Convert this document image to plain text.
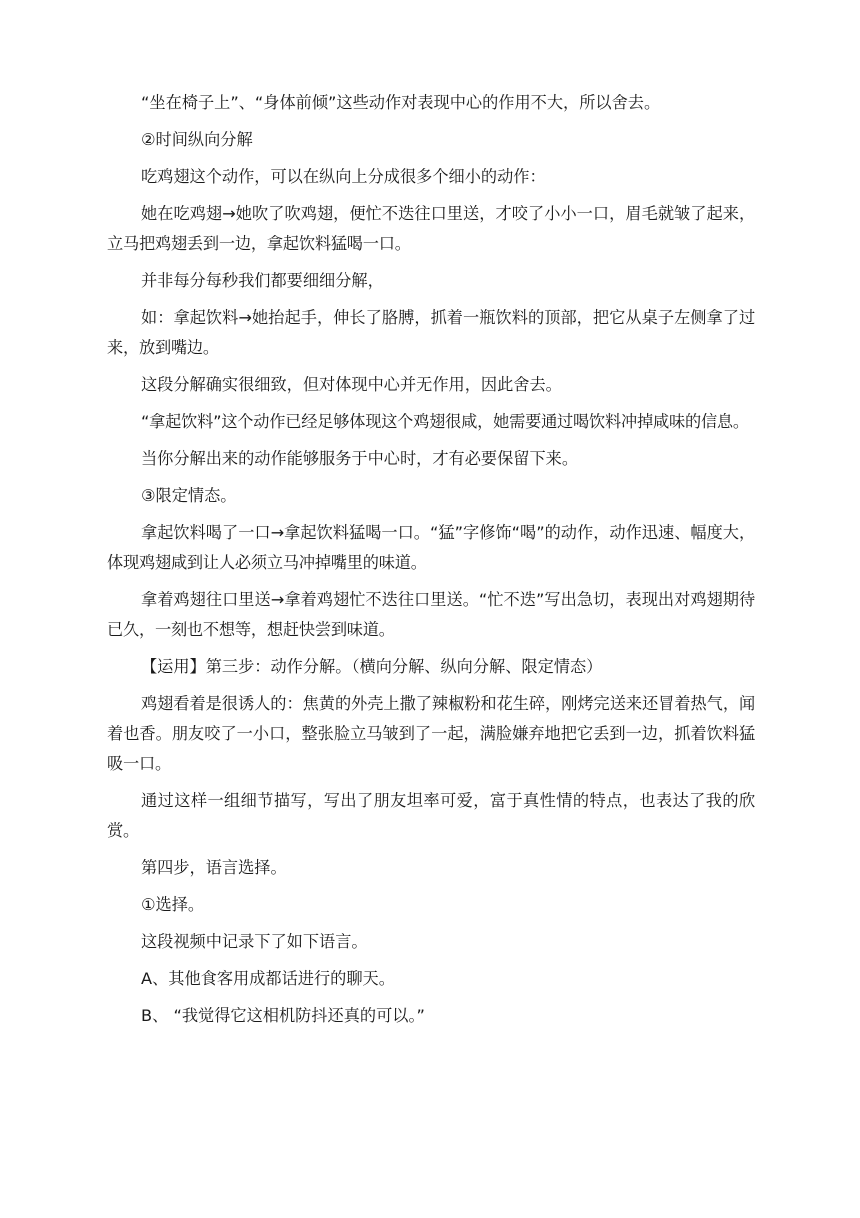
“坐在椅子上”、“身体前倾”这些动作对表现中心的作用不大，所以舍去。

②时间纵向分解

吃鸡翅这个动作，可以在纵向上分成很多个细小的动作：

她在吃鸡翅→她吹了吹鸡翅，便忙不迭往口里送，才咬了小小一口，眉毛就皱了起来，立马把鸡翅丢到一边，拿起饮料猛喝一口。

并非每分每秒我们都要细细分解，

如：拿起饮料→她抬起手，伸长了胳膊，抓着一瓶饮料的顶部，把它从桌子左侧拿了过来，放到嘴边。

这段分解确实很细致，但对体现中心并无作用，因此舍去。

“拿起饮料”这个动作已经足够体现这个鸡翅很咸，她需要通过喝饮料冲掉咸味的信息。

当你分解出来的动作能够服务于中心时，才有必要保留下来。

③限定情态。

拿起饮料喝了一口→拿起饮料猛喝一口。“猛”字修饰“喝”的动作，动作迅速、幅度大，体现鸡翅咸到让人必须立马冲掉嘴里的味道。

拿着鸡翅往口里送→拿着鸡翅忙不迭往口里送。“忙不迭”写出急切，表现出对鸡翅期待已久，一刻也不想等，想赶快尝到味道。

【运用】第三步：动作分解。（横向分解、纵向分解、限定情态）

鸡翅看着是很诱人的：焦黄的外壳上撒了辣椒粉和花生碎，刚烤完送来还冒着热气，闻着也香。朋友咬了一小口，整张脸立马皱到了一起，满脸嫌弃地把它丢到一边，抓着饮料猛吸一口。

通过这样一组细节描写，写出了朋友坦率可爱，富于真性情的特点，也表达了我的欣赏。

第四步，语言选择。

①选择。

这段视频中记录下了如下语言。

A、其他食客用成都话进行的聊天。

B、 “我觉得它这相机防抖还真的可以。”
